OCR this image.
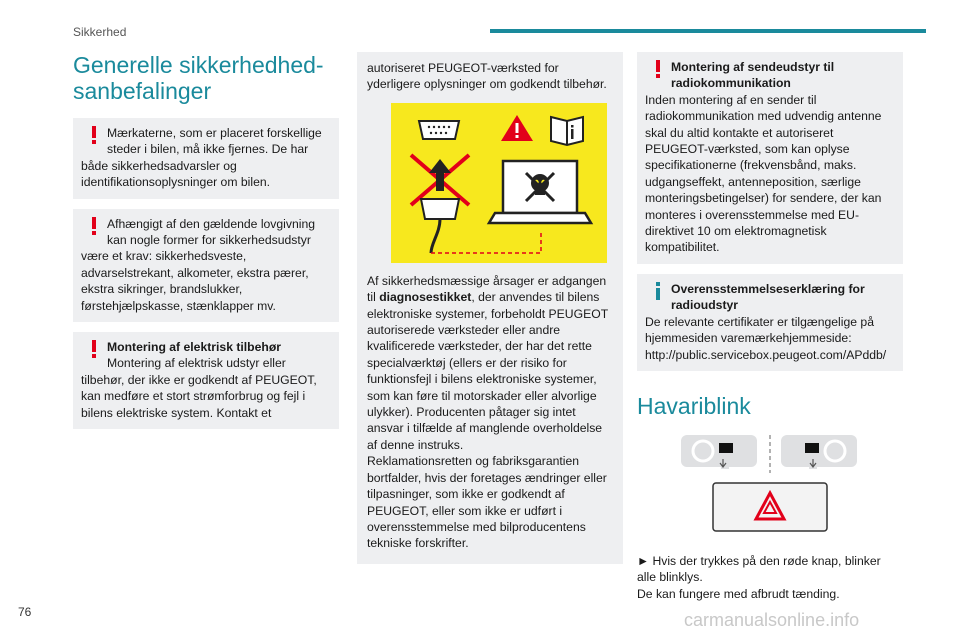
Sikkerhed
Generelle sikkerhedhed-sanbefalinger
Mærkaterne, som er placeret forskellige steder i bilen, må ikke fjernes. De har

både sikkerhedsadvarsler og identifikationsoplysninger om bilen.

Afhængigt af den gældende lovgivning kan nogle former for sikkerhedsudstyr

være et krav: sikkerhedsveste, advarselstrekant, alkometer, ekstra pærer, ekstra sikringer, brandslukker, førstehjælpskasse, stænklapper mv.

Montering af elektrisk tilbehør
Montering af elektrisk udstyr eller

tilbehør, der ikke er godkendt af PEUGEOT, kan medføre et stort strømforbrug og fejl i bilens elektriske system. Kontakt et

autoriseret PEUGEOT-værksted for yderligere oplysninger om godkendt tilbehør.

Af sikkerhedsmæssige årsager er adgangen til diagnosestikket, der anvendes til bilens elektroniske systemer, forbeholdt PEUGEOT autoriserede værksteder eller andre kvalificerede værksteder, der har det rette specialværktøj (ellers er der risiko for funktionsfejl i bilens elektroniske systemer, som kan føre til motorskader eller alvorlige ulykker). Producenten påtager sig intet ansvar i tilfælde af manglende overholdelse af denne instruks.

Reklamationsretten og fabriksgarantien bortfalder, hvis der foretages ændringer eller tilpasninger, som ikke er godkendt af PEUGEOT, eller som ikke er udført i overensstemmelse med bilproducentens tekniske forskrifter.

Montering af sendeudstyr til radiokommunikation

Inden montering af en sender til radiokommunikation med udvendig antenne skal du altid kontakte et autoriseret PEUGEOT-værksted, som kan oplyse specifikationerne (frekvensbånd, maks. udgangseffekt, antenneposition, særlige monteringsbetingelser) for sendere, der kan monteres i overensstemmelse med EU-direktivet 10 om elektromagnetisk kompatibilitet.

Overensstemmelseserklæring for radioudstyr

De relevante certifikater er tilgængelige på hjemmesiden varemærkehjemmeside: http://public.servicebox.peugeot.com/APddb/

Havariblink

► Hvis der trykkes på den røde knap, blinker alle blinklys.
De kan fungere med afbrudt tænding.

76	carmanualsonline.info
